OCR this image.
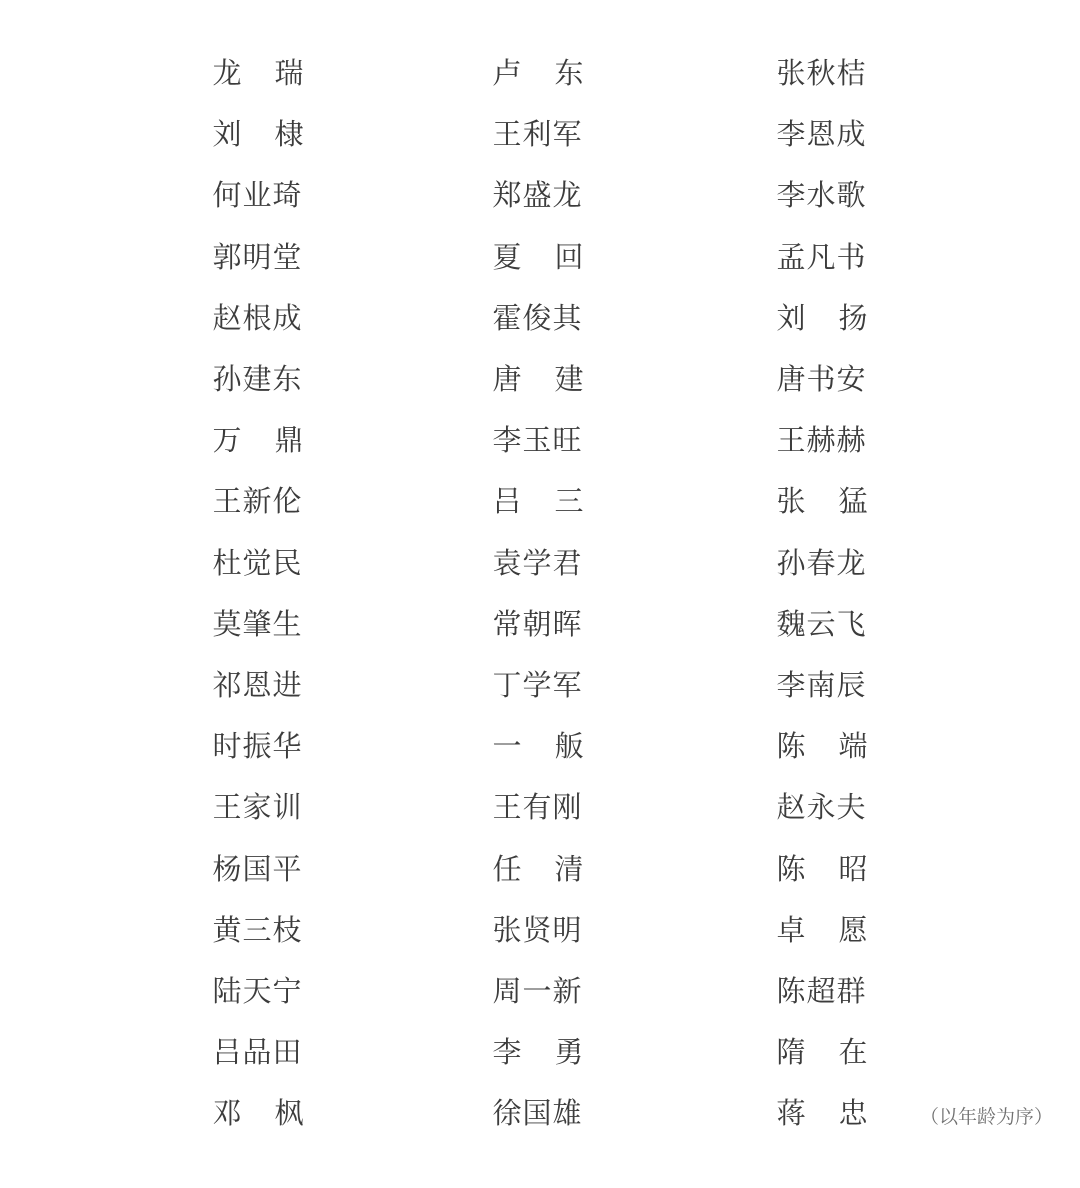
龙 瑞	卢 东	张 秋 桔
刘 棣	王 利 军	李 恩 成
何 业 琦	郑 盛 龙	李 水 歌
郭 明 堂	夏 回	孟 凡 书
赵 根 成	霍 俊 其	刘 扬
孙 建 东	唐 建	唐 书 安
万 鼎	李 玉 旺	王 赫 赫
王 新 伦	吕 三	张 猛
杜 觉 民	袁 学 君	孙 春 龙
莫 肇 生	常 朝 晖	魏 云 飞
祁 恩 进	丁 学 军	李 南 辰
时 振 华	一 舨	陈 端
王 家 训	王 有 刚	赵 永 夫
杨 国 平	任 清	陈 昭
黄 三 枝	张 贤 明	卓 愿
陆 天 宁	周 一 新	陈 超 群
吕 品 田	李 勇	隋 在
邓 枫	徐 国 雄	蒋 忠	（以年龄为序）
